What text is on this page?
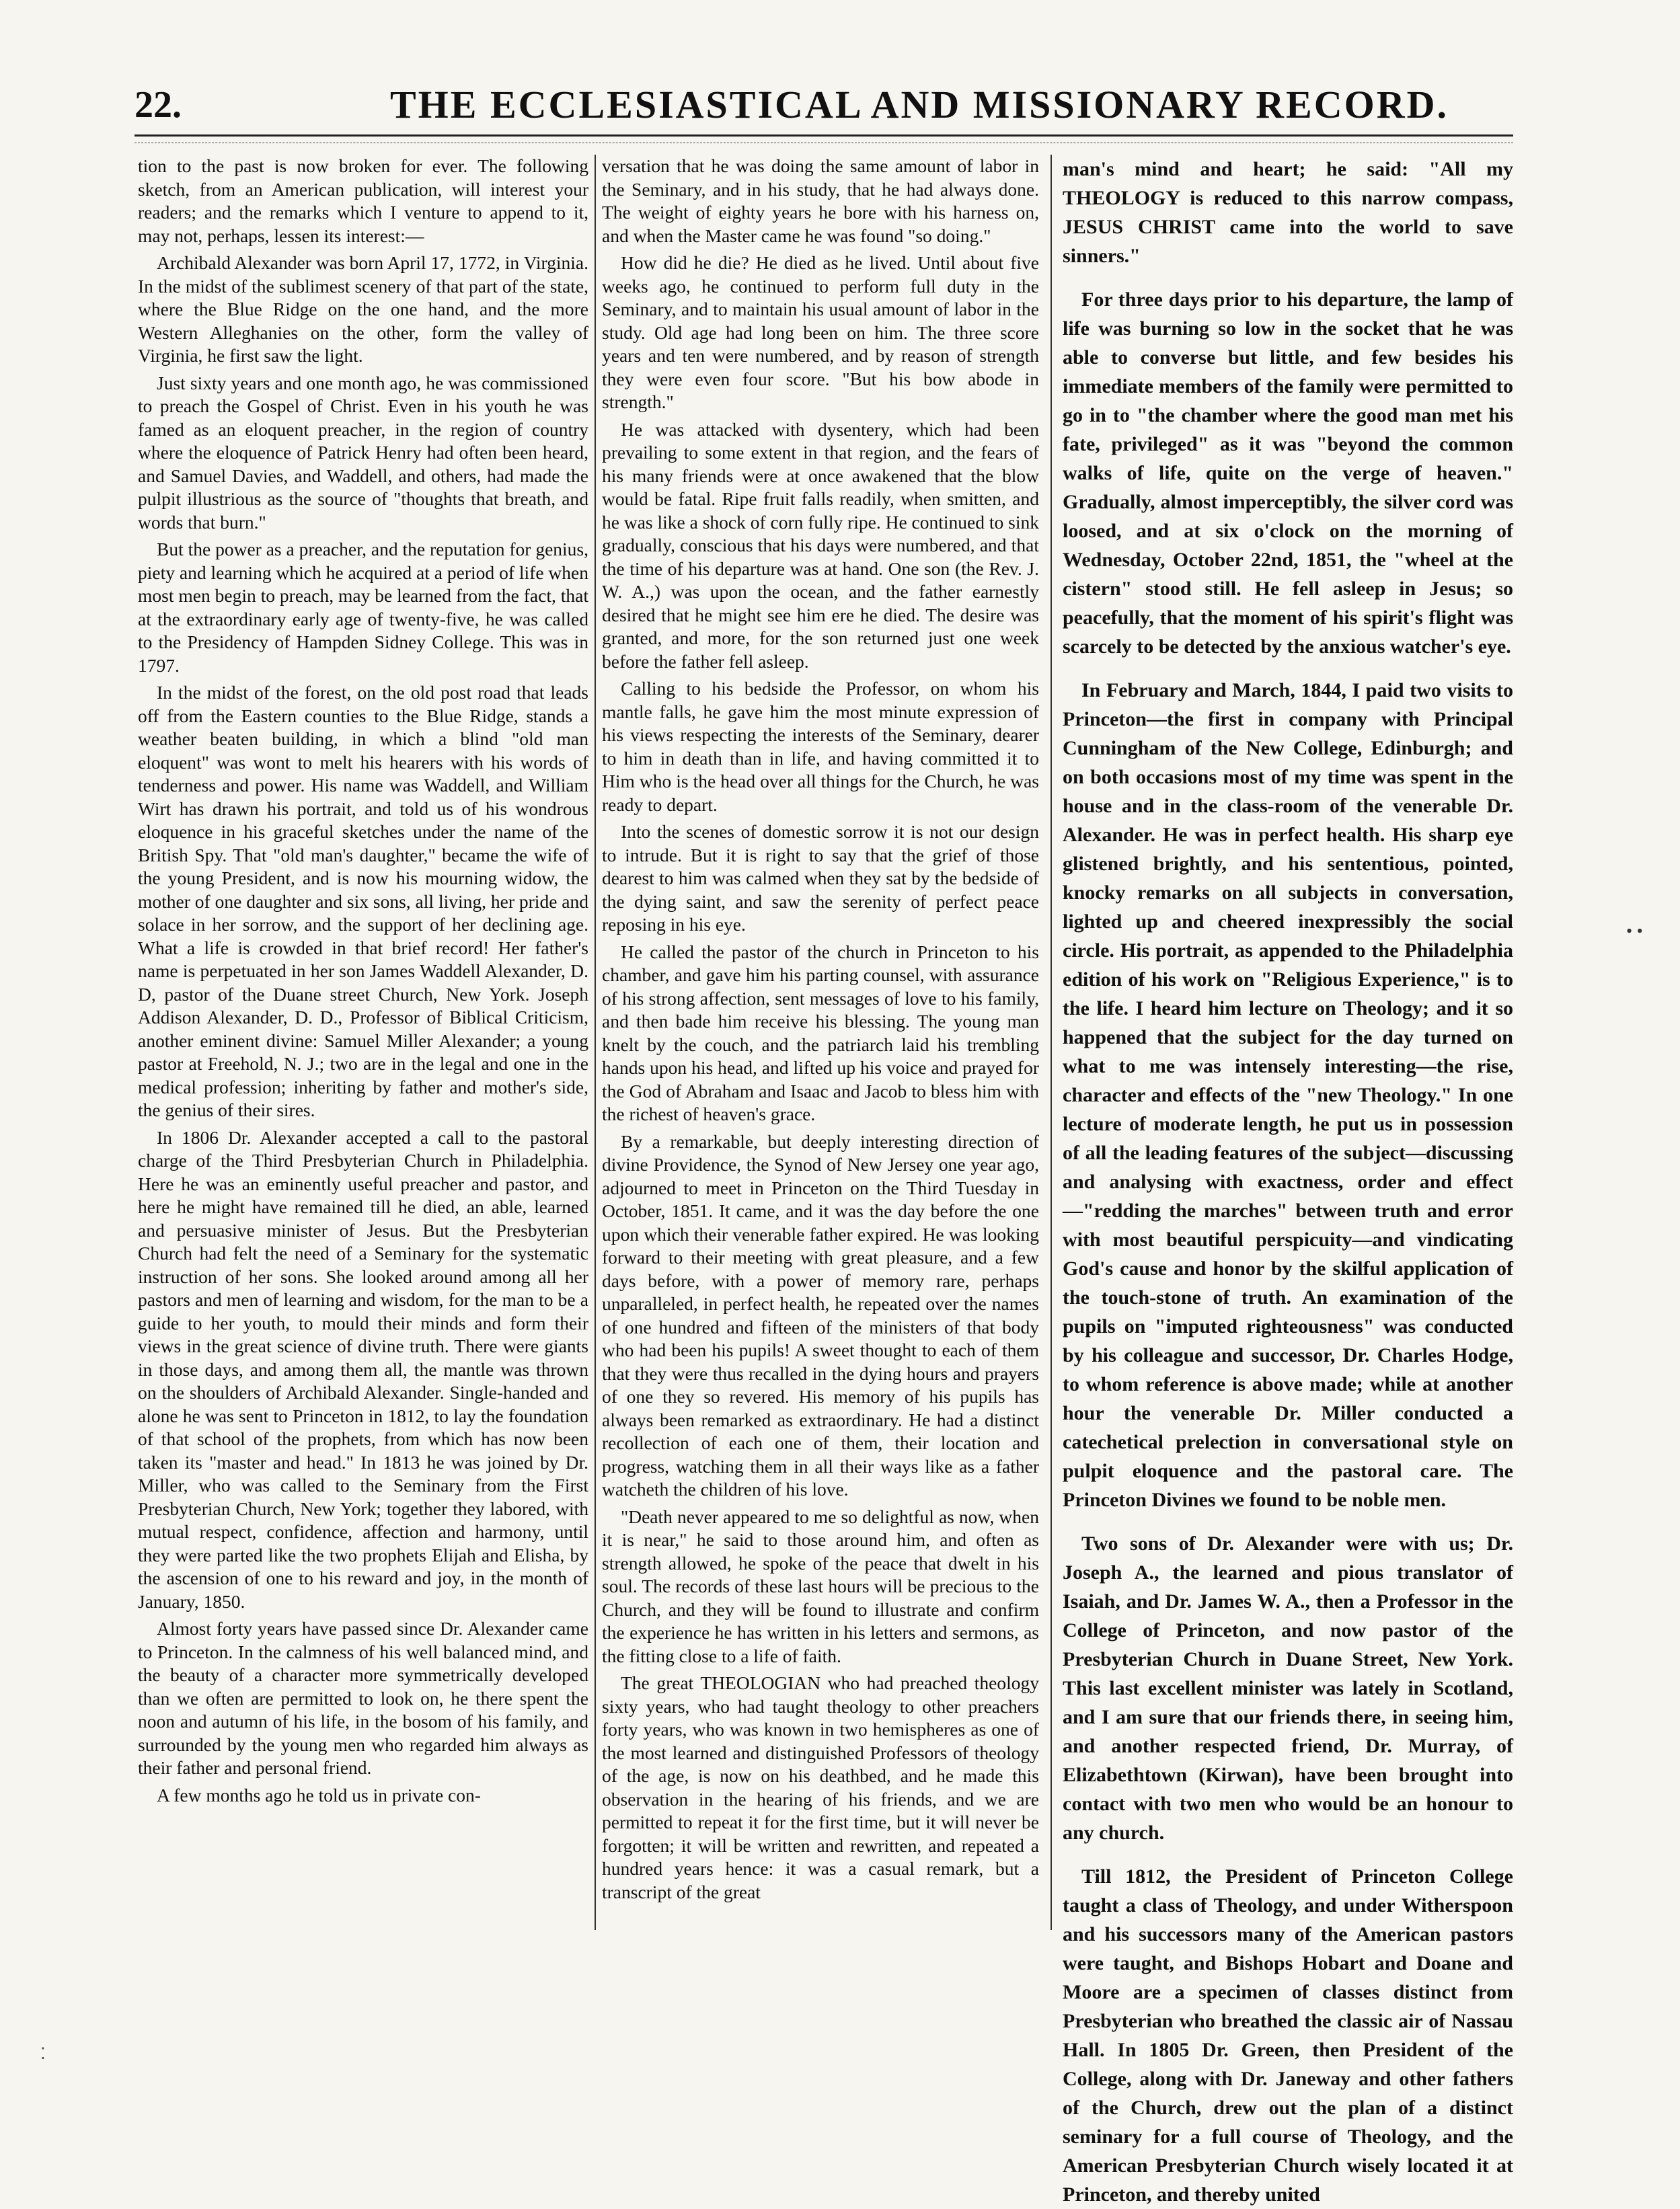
22.	THE ECCLESIASTICAL AND MISSIONARY RECORD.

tion to the past is now broken for ever. The following sketch, from an American publication, will interest your readers; and the remarks which I venture to append to it, may not, perhaps, lessen its interest:—

Archibald Alexander was born April 17, 1772, in Virginia. In the midst of the sublimest scenery of that part of the state, where the Blue Ridge on the one hand, and the more Western Alleghanies on the other, form the valley of Virginia, he first saw the light.

Just sixty years and one month ago, he was commissioned to preach the Gospel of Christ. Even in his youth he was famed as an eloquent preacher, in the region of country where the eloquence of Patrick Henry had often been heard, and Samuel Davies, and Waddell, and others, had made the pulpit illustrious as the source of "thoughts that breath, and words that burn."

But the power as a preacher, and the reputation for genius, piety and learning which he acquired at a period of life when most men begin to preach, may be learned from the fact, that at the extraordinary early age of twenty-five, he was called to the Presidency of Hampden Sidney College. This was in 1797.

In the midst of the forest, on the old post road that leads off from the Eastern counties to the Blue Ridge, stands a weather beaten building, in which a blind "old man eloquent" was wont to melt his hearers with his words of tenderness and power. His name was Waddell, and William Wirt has drawn his portrait, and told us of his wondrous eloquence in his graceful sketches under the name of the British Spy. That "old man's daughter," became the wife of the young President, and is now his mourning widow, the mother of one daughter and six sons, all living, her pride and solace in her sorrow, and the support of her declining age. What a life is crowded in that brief record! Her father's name is perpetuated in her son James Waddell Alexander, D. D, pastor of the Duane street Church, New York. Joseph Addison Alexander, D. D., Professor of Biblical Criticism, another eminent divine: Samuel Miller Alexander; a young pastor at Freehold, N. J.; two are in the legal and one in the medical profession; inheriting by father and mother's side, the genius of their sires.

In 1806 Dr. Alexander accepted a call to the pastoral charge of the Third Presbyterian Church in Philadelphia. Here he was an eminently useful preacher and pastor, and here he might have remained till he died, an able, learned and persuasive minister of Jesus. But the Presbyterian Church had felt the need of a Seminary for the systematic instruction of her sons. She looked around among all her pastors and men of learning and wisdom, for the man to be a guide to her youth, to mould their minds and form their views in the great science of divine truth. There were giants in those days, and among them all, the mantle was thrown on the shoulders of Archibald Alexander. Single-handed and alone he was sent to Princeton in 1812, to lay the foundation of that school of the prophets, from which has now been taken its "master and head." In 1813 he was joined by Dr. Miller, who was called to the Seminary from the First Presbyterian Church, New York; together they labored, with mutual respect, confidence, affection and harmony, until they were parted like the two prophets Elijah and Elisha, by the ascension of one to his reward and joy, in the month of January, 1850.

Almost forty years have passed since Dr. Alexander came to Princeton. In the calmness of his well balanced mind, and the beauty of a character more symmetrically developed than we often are permitted to look on, he there spent the noon and autumn of his life, in the bosom of his family, and surrounded by the young men who regarded him always as their father and personal friend.

A few months ago he told us in private con-

versation that he was doing the same amount of labor in the Seminary, and in his study, that he had always done. The weight of eighty years he bore with his harness on, and when the Master came he was found "so doing."

How did he die? He died as he lived. Until about five weeks ago, he continued to perform full duty in the Seminary, and to maintain his usual amount of labor in the study. Old age had long been on him. The three score years and ten were numbered, and by reason of strength they were even four score. "But his bow abode in strength."

He was attacked with dysentery, which had been prevailing to some extent in that region, and the fears of his many friends were at once awakened that the blow would be fatal. Ripe fruit falls readily, when smitten, and he was like a shock of corn fully ripe. He continued to sink gradually, conscious that his days were numbered, and that the time of his departure was at hand. One son (the Rev. J. W. A.,) was upon the ocean, and the father earnestly desired that he might see him ere he died. The desire was granted, and more, for the son returned just one week before the father fell asleep.

Calling to his bedside the Professor, on whom his mantle falls, he gave him the most minute expression of his views respecting the interests of the Seminary, dearer to him in death than in life, and having committed it to Him who is the head over all things for the Church, he was ready to depart.

Into the scenes of domestic sorrow it is not our design to intrude. But it is right to say that the grief of those dearest to him was calmed when they sat by the bedside of the dying saint, and saw the serenity of perfect peace reposing in his eye.

He called the pastor of the church in Princeton to his chamber, and gave him his parting counsel, with assurance of his strong affection, sent messages of love to his family, and then bade him receive his blessing. The young man knelt by the couch, and the patriarch laid his trembling hands upon his head, and lifted up his voice and prayed for the God of Abraham and Isaac and Jacob to bless him with the richest of heaven's grace.

By a remarkable, but deeply interesting direction of divine Providence, the Synod of New Jersey one year ago, adjourned to meet in Princeton on the Third Tuesday in October, 1851. It came, and it was the day before the one upon which their venerable father expired. He was looking forward to their meeting with great pleasure, and a few days before, with a power of memory rare, perhaps unparalleled, in perfect health, he repeated over the names of one hundred and fifteen of the ministers of that body who had been his pupils! A sweet thought to each of them that they were thus recalled in the dying hours and prayers of one they so revered. His memory of his pupils has always been remarked as extraordinary. He had a distinct recollection of each one of them, their location and progress, watching them in all their ways like as a father watcheth the children of his love.

"Death never appeared to me so delightful as now, when it is near," he said to those around him, and often as strength allowed, he spoke of the peace that dwelt in his soul. The records of these last hours will be precious to the Church, and they will be found to illustrate and confirm the experience he has written in his letters and sermons, as the fitting close to a life of faith.

The great THEOLOGIAN who had preached theology sixty years, who had taught theology to other preachers forty years, who was known in two hemispheres as one of the most learned and distinguished Professors of theology of the age, is now on his deathbed, and he made this observation in the hearing of his friends, and we are permitted to repeat it for the first time, but it will never be forgotten; it will be written and rewritten, and repeated a hundred years hence: it was a casual remark, but a transcript of the great

man's mind and heart; he said: "All my THEOLOGY is reduced to this narrow compass, JESUS CHRIST came into the world to save sinners."

For three days prior to his departure, the lamp of life was burning so low in the socket that he was able to converse but little, and few besides his immediate members of the family were permitted to go in to "the chamber where the good man met his fate, privileged" as it was "beyond the common walks of life, quite on the verge of heaven." Gradually, almost imperceptibly, the silver cord was loosed, and at six o'clock on the morning of Wednesday, October 22nd, 1851, the "wheel at the cistern" stood still. He fell asleep in Jesus; so peacefully, that the moment of his spirit's flight was scarcely to be detected by the anxious watcher's eye.

In February and March, 1844, I paid two visits to Princeton—the first in company with Principal Cunningham of the New College, Edinburgh; and on both occasions most of my time was spent in the house and in the class-room of the venerable Dr. Alexander. He was in perfect health. His sharp eye glistened brightly, and his sententious, pointed, knocky remarks on all subjects in conversation, lighted up and cheered inexpressibly the social circle. His portrait, as appended to the Philadelphia edition of his work on "Religious Experience," is to the life. I heard him lecture on Theology; and it so happened that the subject for the day turned on what to me was intensely interesting—the rise, character and effects of the "new Theology." In one lecture of moderate length, he put us in possession of all the leading features of the subject—discussing and analysing with exactness, order and effect—"redding the marches" between truth and error with most beautiful perspicuity—and vindicating God's cause and honor by the skilful application of the touch-stone of truth. An examination of the pupils on "imputed righteousness" was conducted by his colleague and successor, Dr. Charles Hodge, to whom reference is above made; while at another hour the venerable Dr. Miller conducted a catechetical prelection in conversational style on pulpit eloquence and the pastoral care. The Princeton Divines we found to be noble men.

Two sons of Dr. Alexander were with us; Dr. Joseph A., the learned and pious translator of Isaiah, and Dr. James W. A., then a Professor in the College of Princeton, and now pastor of the Presbyterian Church in Duane Street, New York. This last excellent minister was lately in Scotland, and I am sure that our friends there, in seeing him, and another respected friend, Dr. Murray, of Elizabethtown (Kirwan), have been brought into contact with two men who would be an honour to any church.

Till 1812, the President of Princeton College taught a class of Theology, and under Witherspoon and his successors many of the American pastors were taught, and Bishops Hobart and Doane and Moore are a specimen of classes distinct from Presbyterian who breathed the classic air of Nassau Hall. In 1805 Dr. Green, then President of the College, along with Dr. Janeway and other fathers of the Church, drew out the plan of a distinct seminary for a full course of Theology, and the American Presbyterian Church wisely located it at Princeton, and thereby united

• •
⁚
